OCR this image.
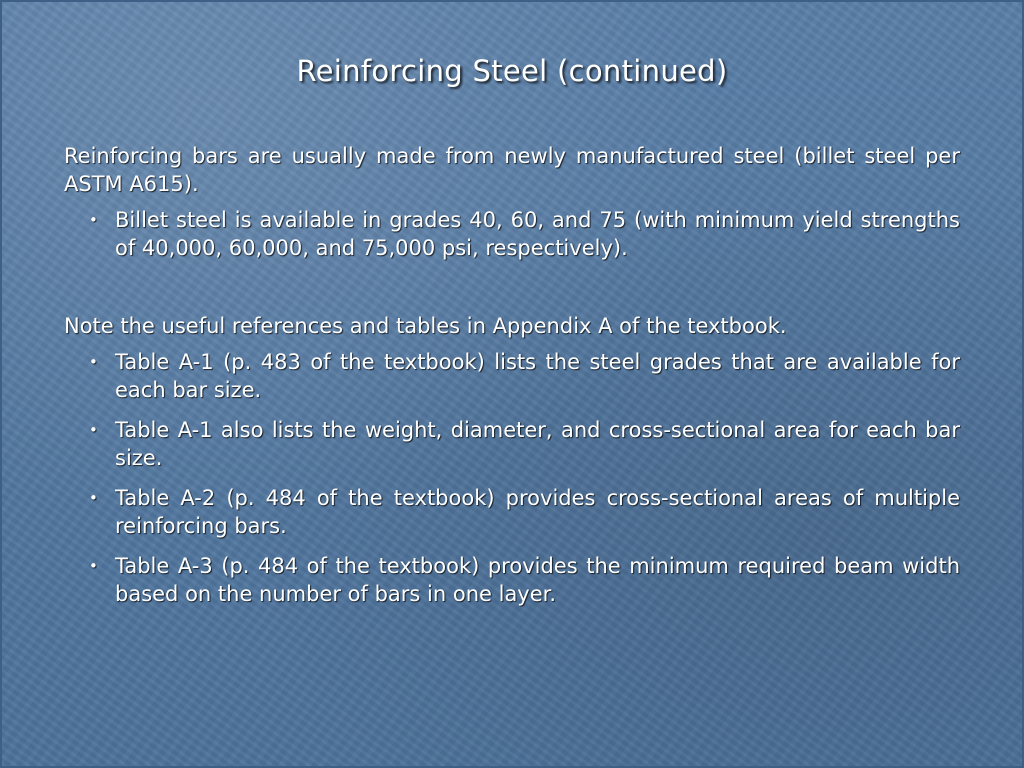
Reinforcing Steel (continued)

Reinforcing bars are usually made from newly manufactured steel (billet steel per ASTM A615).

• Billet steel is available in grades 40, 60, and 75 (with minimum yield strengths of 40,000, 60,000, and 75,000 psi, respectively).

Note the useful references and tables in Appendix A of the textbook.

• Table A-1 (p. 483 of the textbook) lists the steel grades that are available for each bar size.
• Table A-1 also lists the weight, diameter, and cross-sectional area for each bar size.
• Table A-2 (p. 484 of the textbook) provides cross-sectional areas of multiple reinforcing bars.
• Table A-3 (p. 484 of the textbook) provides the minimum required beam width based on the number of bars in one layer.
